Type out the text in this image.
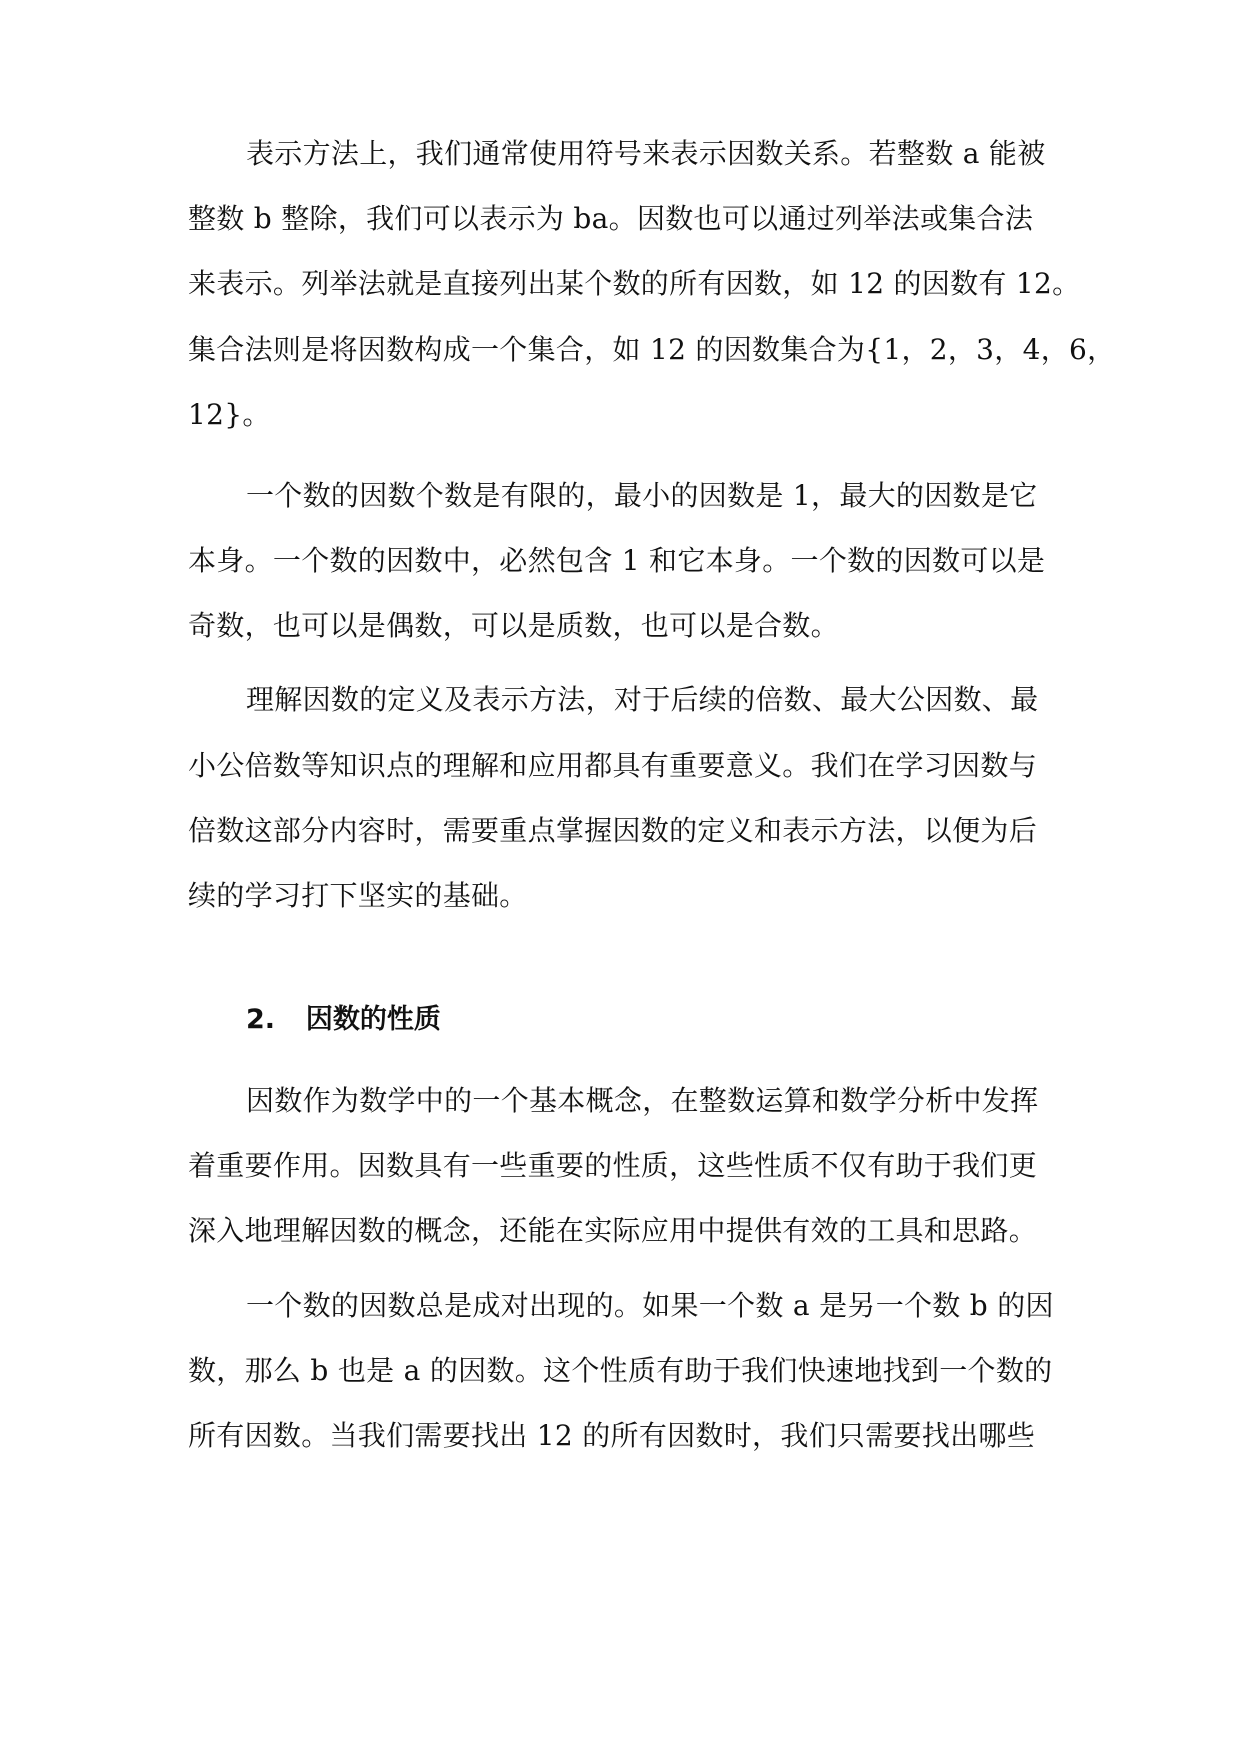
表示方法上，我们通常使用符号来表示因数关系。若整数 a 能被
整数 b 整除，我们可以表示为 ba。因数也可以通过列举法或集合法
来表示。列举法就是直接列出某个数的所有因数，如 12 的因数有 12。
集合法则是将因数构成一个集合，如 12 的因数集合为{1，2，3，4，6，
12}。
一个数的因数个数是有限的，最小的因数是 1，最大的因数是它
本身。一个数的因数中，必然包含 1 和它本身。一个数的因数可以是
奇数，也可以是偶数，可以是质数，也可以是合数。
理解因数的定义及表示方法，对于后续的倍数、最大公因数、最
小公倍数等知识点的理解和应用都具有重要意义。我们在学习因数与
倍数这部分内容时，需要重点掌握因数的定义和表示方法，以便为后
续的学习打下坚实的基础。
2. 因数的性质
因数作为数学中的一个基本概念，在整数运算和数学分析中发挥
着重要作用。因数具有一些重要的性质，这些性质不仅有助于我们更
深入地理解因数的概念，还能在实际应用中提供有效的工具和思路。
一个数的因数总是成对出现的。如果一个数 a 是另一个数 b 的因
数，那么 b 也是 a 的因数。这个性质有助于我们快速地找到一个数的
所有因数。当我们需要找出 12 的所有因数时，我们只需要找出哪些
